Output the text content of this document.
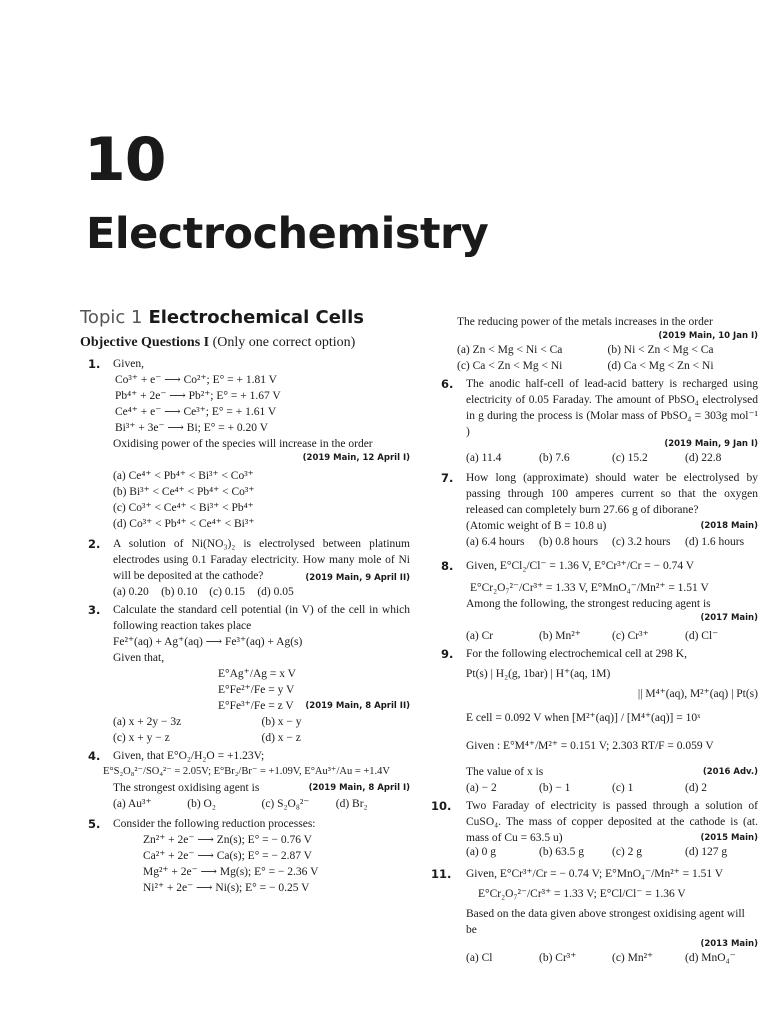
10
Electrochemistry
Topic 1 Electrochemical Cells
Objective Questions I (Only one correct option)
1. Given,
Co³⁺ + e⁻ ⟶ Co²⁺; E° = + 1.81 V
Pb⁴⁺ + 2e⁻ ⟶ Pb²⁺; E° = + 1.67 V
Ce⁴⁺ + e⁻ ⟶ Ce³⁺; E° = + 1.61 V
Bi³⁺ + 3e⁻ ⟶ Bi; E° = + 0.20 V
Oxidising power of the species will increase in the order
(2019 Main, 12 April I)
(a) Ce⁴⁺ < Pb⁴⁺ < Bi³⁺ < Co³⁺
(b) Bi³⁺ < Ce⁴⁺ < Pb⁴⁺ < Co³⁺
(c) Co³⁺ < Ce⁴⁺ < Bi³⁺ < Pb⁴⁺
(d) Co³⁺ < Pb⁴⁺ < Ce⁴⁺ < Bi³⁺
2. A solution of Ni(NO₃)₂ is electrolysed between platinum electrodes using 0.1 Faraday electricity. How many mole of Ni will be deposited at the cathode?	(2019 Main, 9 April II)
(a) 0.20	(b) 0.10	(c) 0.15	(d) 0.05
3. Calculate the standard cell potential (in V) of the cell in which following reaction takes place
Fe²⁺(aq) + Ag⁺(aq) ⟶ Fe³⁺(aq) + Ag(s)
Given that,
E°Ag⁺/Ag = x V
E°Fe²⁺/Fe = y V
E°Fe³⁺/Fe = z V (2019 Main, 8 April II)
(a) x + 2y − 3z	(b) x − y
(c) x + y − z	(d) x − z
4. Given, that E°O₂/H₂O = +1.23V;
E°S₂O₈²⁻/SO₄²⁻ = 2.05V; E°Br₂/Br⁻ = +1.09V, E°Au³⁺/Au = +1.4V
The strongest oxidising agent is	(2019 Main, 8 April I)
(a) Au³⁺	(b) O₂	(c) S₂O₈²⁻	(d) Br₂
5. Consider the following reduction processes:
Zn²⁺ + 2e⁻ ⟶ Zn(s); E° = − 0.76 V
Ca²⁺ + 2e⁻ ⟶ Ca(s); E° = − 2.87 V
Mg²⁺ + 2e⁻ ⟶ Mg(s); E° = − 2.36 V
Ni²⁺ + 2e⁻ ⟶ Ni(s); E° = − 0.25 V
The reducing power of the metals increases in the order
(2019 Main, 10 Jan I)
(a) Zn < Mg < Ni < Ca	(b) Ni < Zn < Mg < Ca
(c) Ca < Zn < Mg < Ni	(d) Ca < Mg < Zn < Ni
6. The anodic half-cell of lead-acid battery is recharged using electricity of 0.05 Faraday. The amount of PbSO₄ electrolysed in g during the process is (Molar mass of PbSO₄ = 303g mol⁻¹ )
(2019 Main, 9 Jan I)
(a) 11.4	(b) 7.6	(c) 15.2	(d) 22.8
7. How long (approximate) should water be electrolysed by passing through 100 amperes current so that the oxygen released can completely burn 27.66 g of diborane?
(Atomic weight of B = 10.8 u)	(2018 Main)
(a) 6.4 hours	(b) 0.8 hours	(c) 3.2 hours	(d) 1.6 hours
8. Given, E°Cl₂/Cl⁻ = 1.36 V, E°Cr³⁺/Cr = − 0.74 V
E°Cr₂O₇²⁻/Cr³⁺ = 1.33 V, E°MnO₄⁻/Mn²⁺ = 1.51 V
Among the following, the strongest reducing agent is
(2017 Main)
(a) Cr	(b) Mn²⁺	(c) Cr³⁺	(d) Cl⁻
9. For the following electrochemical cell at 298 K,
Pt(s) | H₂(g, 1bar) | H⁺(aq, 1M)
|| M⁴⁺(aq), M²⁺(aq) | Pt(s)
E cell = 0.092 V when [M²⁺(aq)] / [M⁴⁺(aq)] = 10ˣ
Given : E°M⁴⁺/M²⁺ = 0.151 V; 2.303 RT/F = 0.059 V
The value of x is	(2016 Adv.)
(a) − 2	(b) − 1	(c) 1	(d) 2
10. Two Faraday of electricity is passed through a solution of CuSO₄. The mass of copper deposited at the cathode is (at. mass of Cu = 63.5 u)	(2015 Main)
(a) 0 g	(b) 63.5 g	(c) 2 g	(d) 127 g
11. Given, E°Cr³⁺/Cr = − 0.74 V; E°MnO₄⁻/Mn²⁺ = 1.51 V
E°Cr₂O₇²⁻/Cr³⁺ = 1.33 V; E°Cl/Cl⁻ = 1.36 V
Based on the data given above strongest oxidising agent will be
(2013 Main)
(a) Cl	(b) Cr³⁺	(c) Mn²⁺	(d) MnO₄⁻
